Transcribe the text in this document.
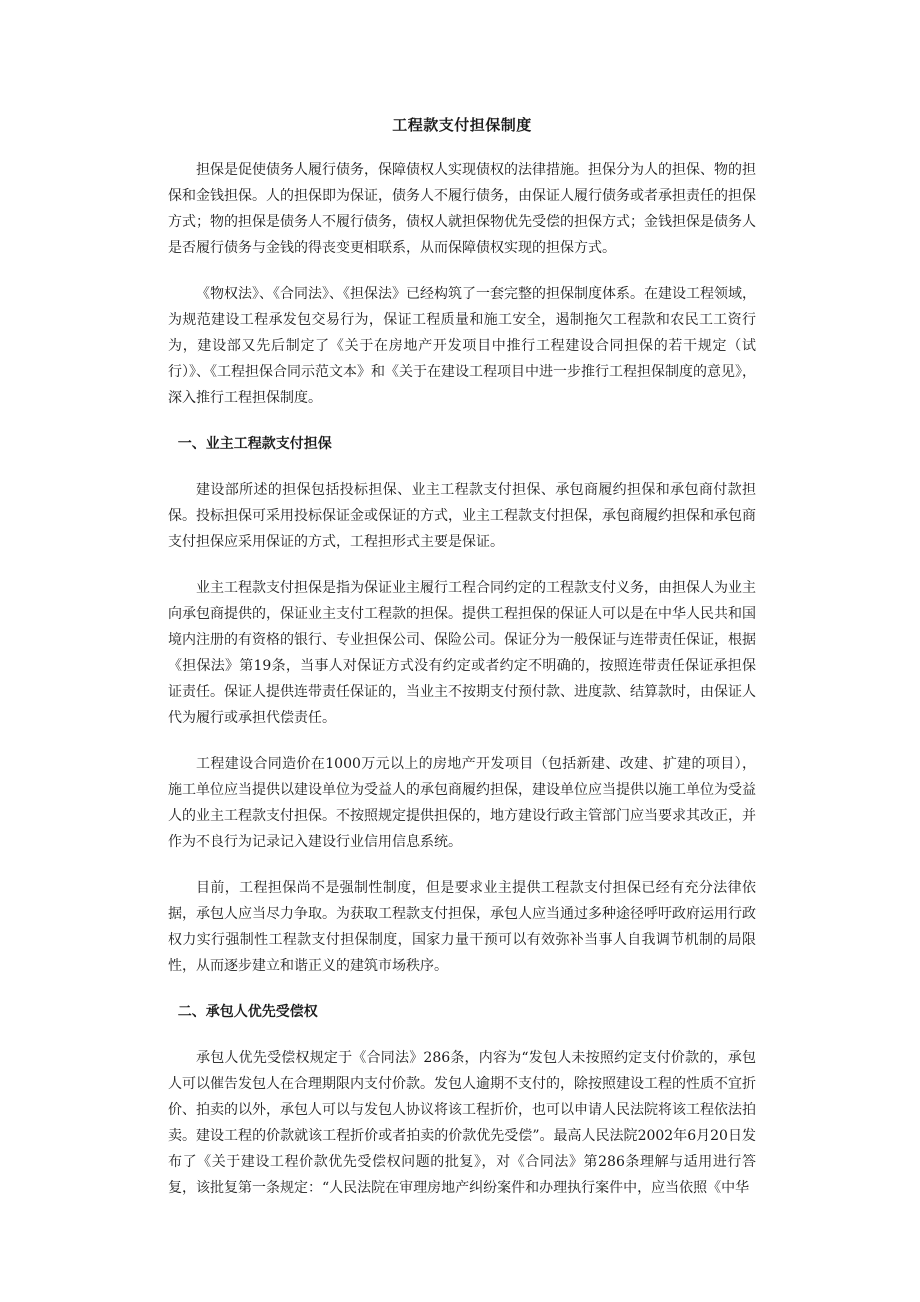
工程款支付担保制度

担保是促使债务人履行债务，保障债权人实现债权的法律措施。担保分为人的担保、物的担保和金钱担保。人的担保即为保证，债务人不履行债务，由保证人履行债务或者承担责任的担保方式；物的担保是债务人不履行债务，债权人就担保物优先受偿的担保方式；金钱担保是债务人是否履行债务与金钱的得丧变更相联系，从而保障债权实现的担保方式。

《物权法》、《合同法》、《担保法》已经构筑了一套完整的担保制度体系。在建设工程领域，为规范建设工程承发包交易行为，保证工程质量和施工安全，遏制拖欠工程款和农民工工资行为，建设部又先后制定了《关于在房地产开发项目中推行工程建设合同担保的若干规定（试行）》、《工程担保合同示范文本》和《关于在建设工程项目中进一步推行工程担保制度的意见》，深入推行工程担保制度。

一、业主工程款支付担保

建设部所述的担保包括投标担保、业主工程款支付担保、承包商履约担保和承包商付款担保。投标担保可采用投标保证金或保证的方式，业主工程款支付担保，承包商履约担保和承包商支付担保应采用保证的方式，工程担形式主要是保证。

业主工程款支付担保是指为保证业主履行工程合同约定的工程款支付义务，由担保人为业主向承包商提供的，保证业主支付工程款的担保。提供工程担保的保证人可以是在中华人民共和国境内注册的有资格的银行、专业担保公司、保险公司。保证分为一般保证与连带责任保证，根据《担保法》第19条，当事人对保证方式没有约定或者约定不明确的，按照连带责任保证承担保证责任。保证人提供连带责任保证的，当业主不按期支付预付款、进度款、结算款时，由保证人代为履行或承担代偿责任。

工程建设合同造价在1000万元以上的房地产开发项目（包括新建、改建、扩建的项目），施工单位应当提供以建设单位为受益人的承包商履约担保，建设单位应当提供以施工单位为受益人的业主工程款支付担保。不按照规定提供担保的，地方建设行政主管部门应当要求其改正，并作为不良行为记录记入建设行业信用信息系统。

目前，工程担保尚不是强制性制度，但是要求业主提供工程款支付担保已经有充分法律依据，承包人应当尽力争取。为获取工程款支付担保，承包人应当通过多种途径呼吁政府运用行政权力实行强制性工程款支付担保制度，国家力量干预可以有效弥补当事人自我调节机制的局限性，从而逐步建立和谐正义的建筑市场秩序。

二、承包人优先受偿权

承包人优先受偿权规定于《合同法》286条，内容为“发包人未按照约定支付价款的，承包人可以催告发包人在合理期限内支付价款。发包人逾期不支付的，除按照建设工程的性质不宜折价、拍卖的以外，承包人可以与发包人协议将该工程折价，也可以申请人民法院将该工程依法拍卖。建设工程的价款就该工程折价或者拍卖的价款优先受偿”。最高人民法院2002年6月20日发布了《关于建设工程价款优先受偿权问题的批复》，对《合同法》第286条理解与适用进行答复，该批复第一条规定：“人民法院在审理房地产纠纷案件和办理执行案件中，应当依照《中华
